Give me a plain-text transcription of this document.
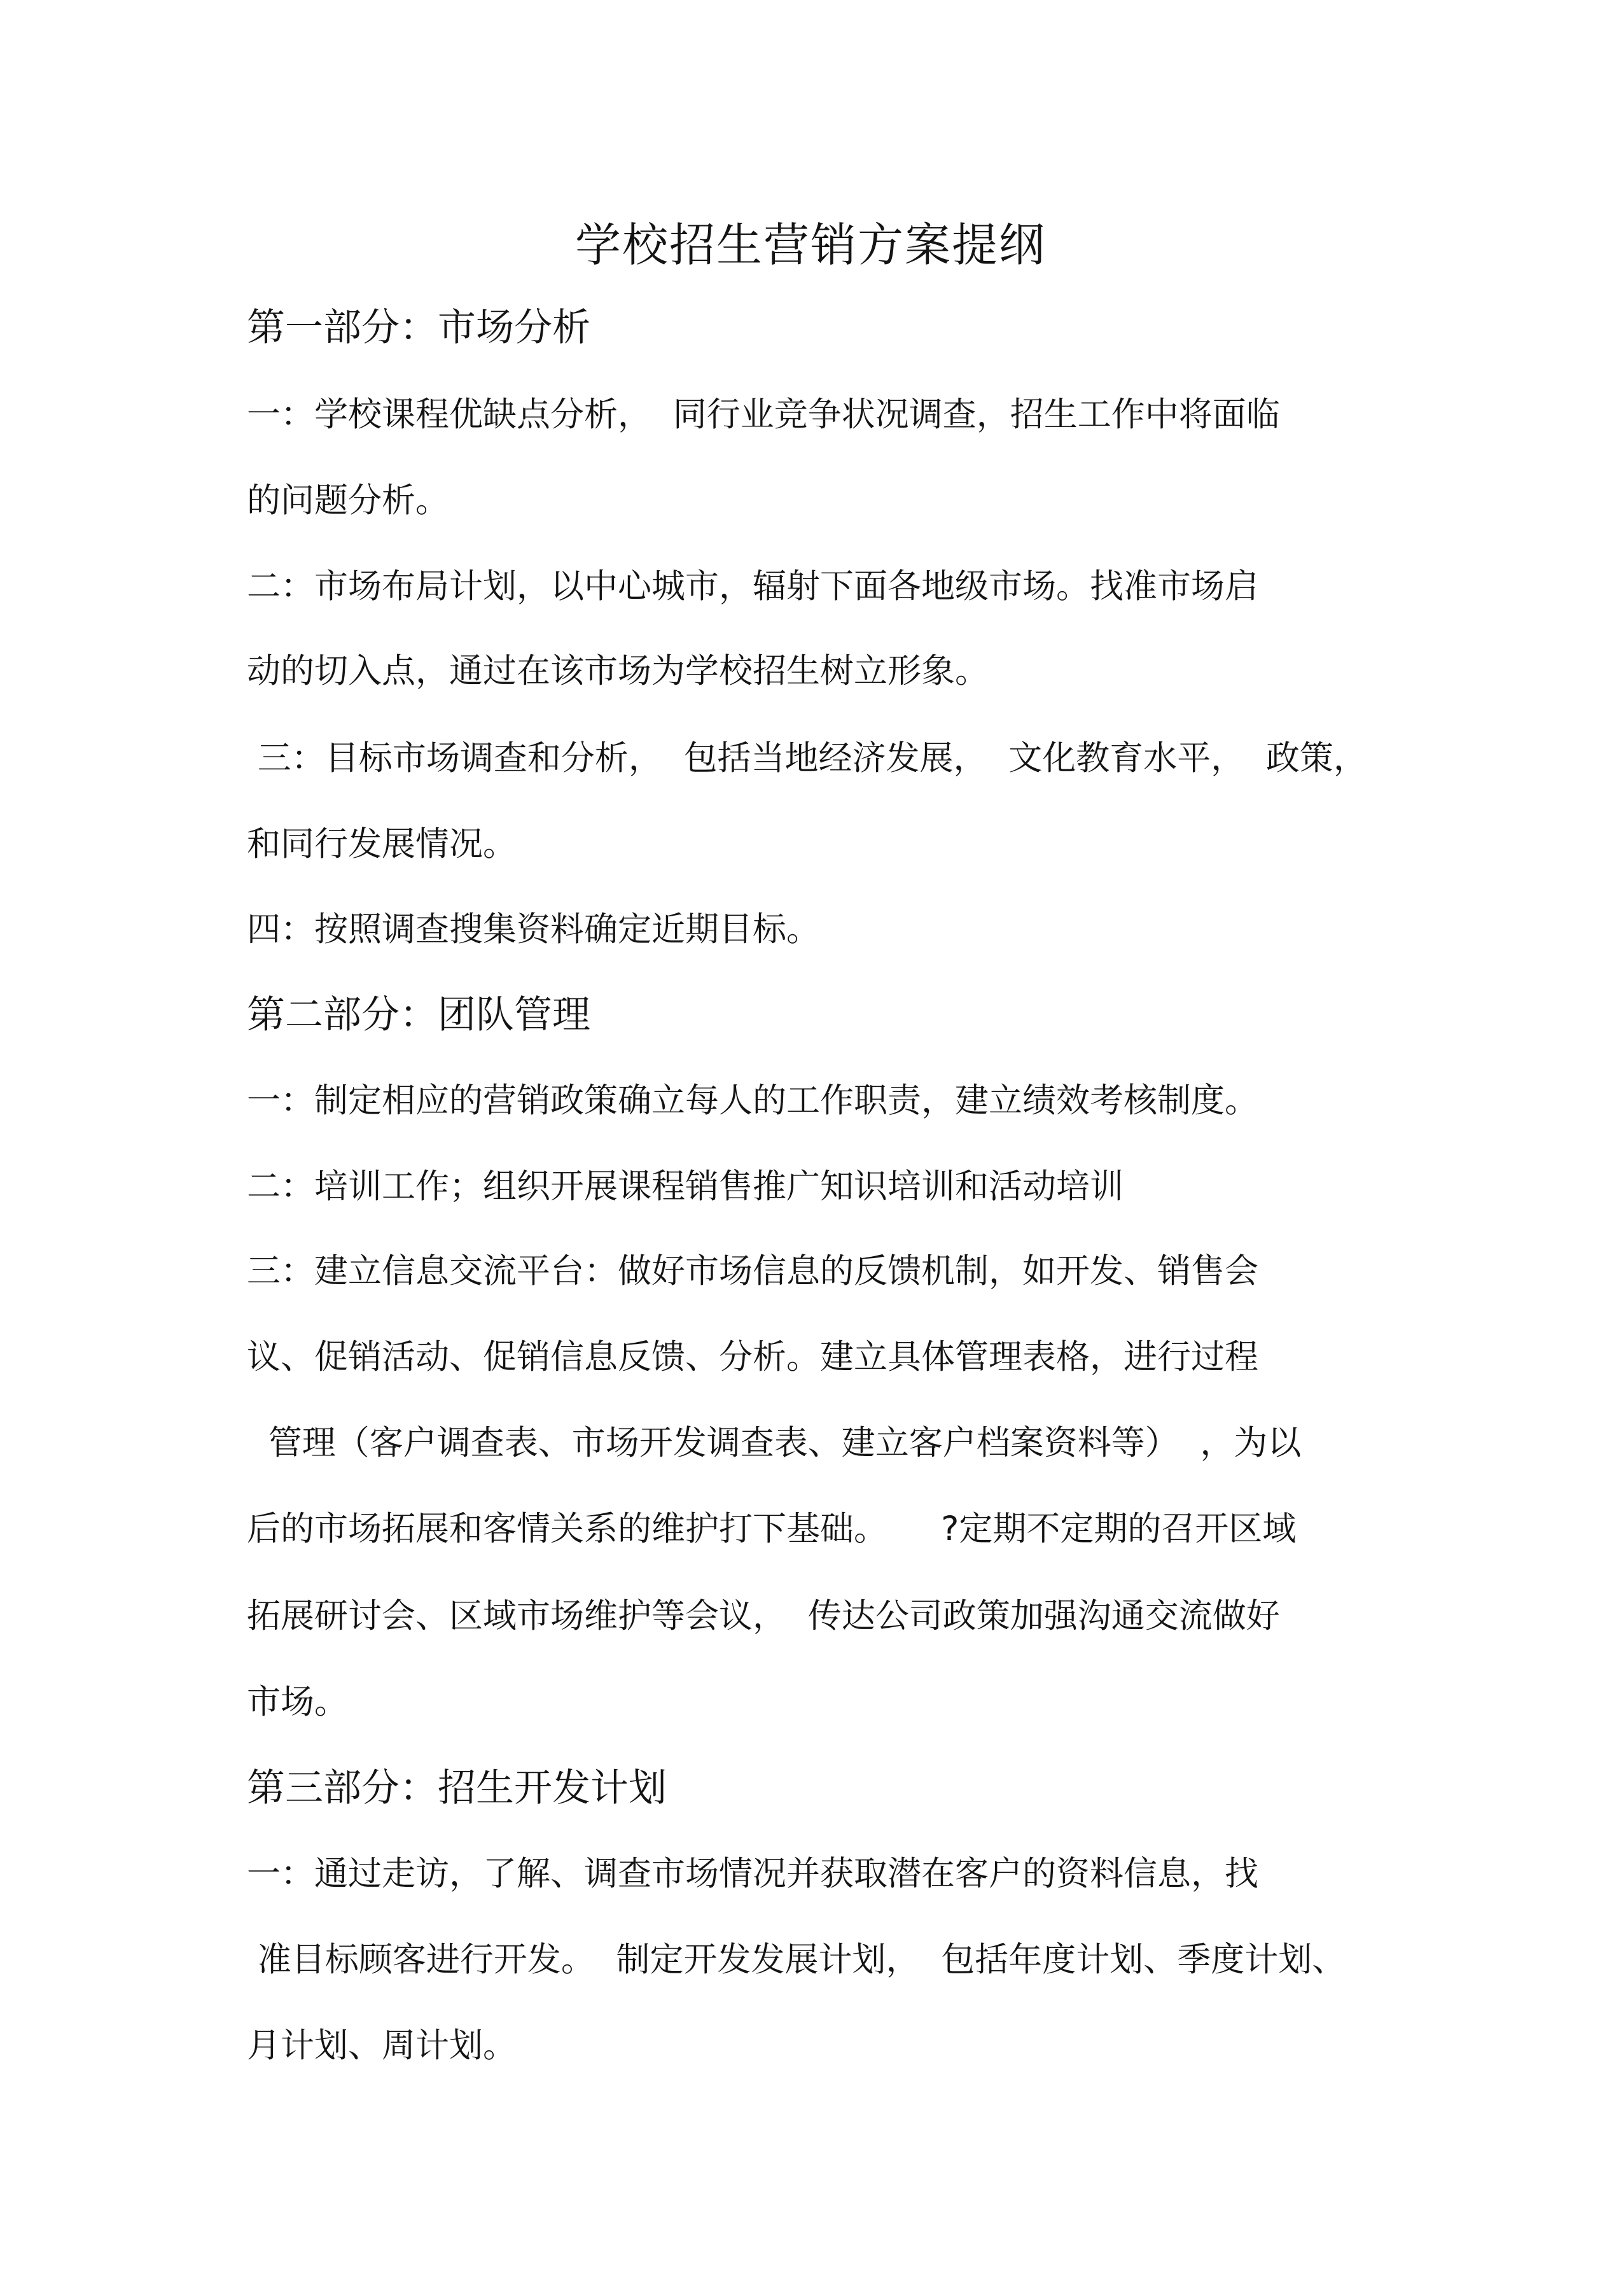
学校招生营销方案提纲
第一部分：市场分析
一：学校课程优缺点分析，  同行业竞争状况调查，招生工作中将面临
的问题分析。
二：市场布局计划，以中心城市，辐射下面各地级市场。找准市场启
动的切入点，通过在该市场为学校招生树立形象。
三：目标市场调查和分析，  包括当地经济发展，  文化教育水平，  政策，
和同行发展情况。
四：按照调查搜集资料确定近期目标。
第二部分：团队管理
一：制定相应的营销政策确立每人的工作职责，建立绩效考核制度。
二：培训工作；组织开展课程销售推广知识培训和活动培训
三：建立信息交流平台：做好市场信息的反馈机制，如开发、销售会
议、促销活动、促销信息反馈、分析。建立具体管理表格，进行过程
管理（客户调查表、市场开发调查表、建立客户档案资料等）  ，为以
后的市场拓展和客情关系的维护打下基础。     ?定期不定期的召开区域
拓展研讨会、区域市场维护等会议，  传达公司政策加强沟通交流做好
市场。
第三部分：招生开发计划
一：通过走访，了解、调查市场情况并获取潜在客户的资料信息，找
准目标顾客进行开发。  制定开发发展计划，  包括年度计划、季度计划、
月计划、周计划。
